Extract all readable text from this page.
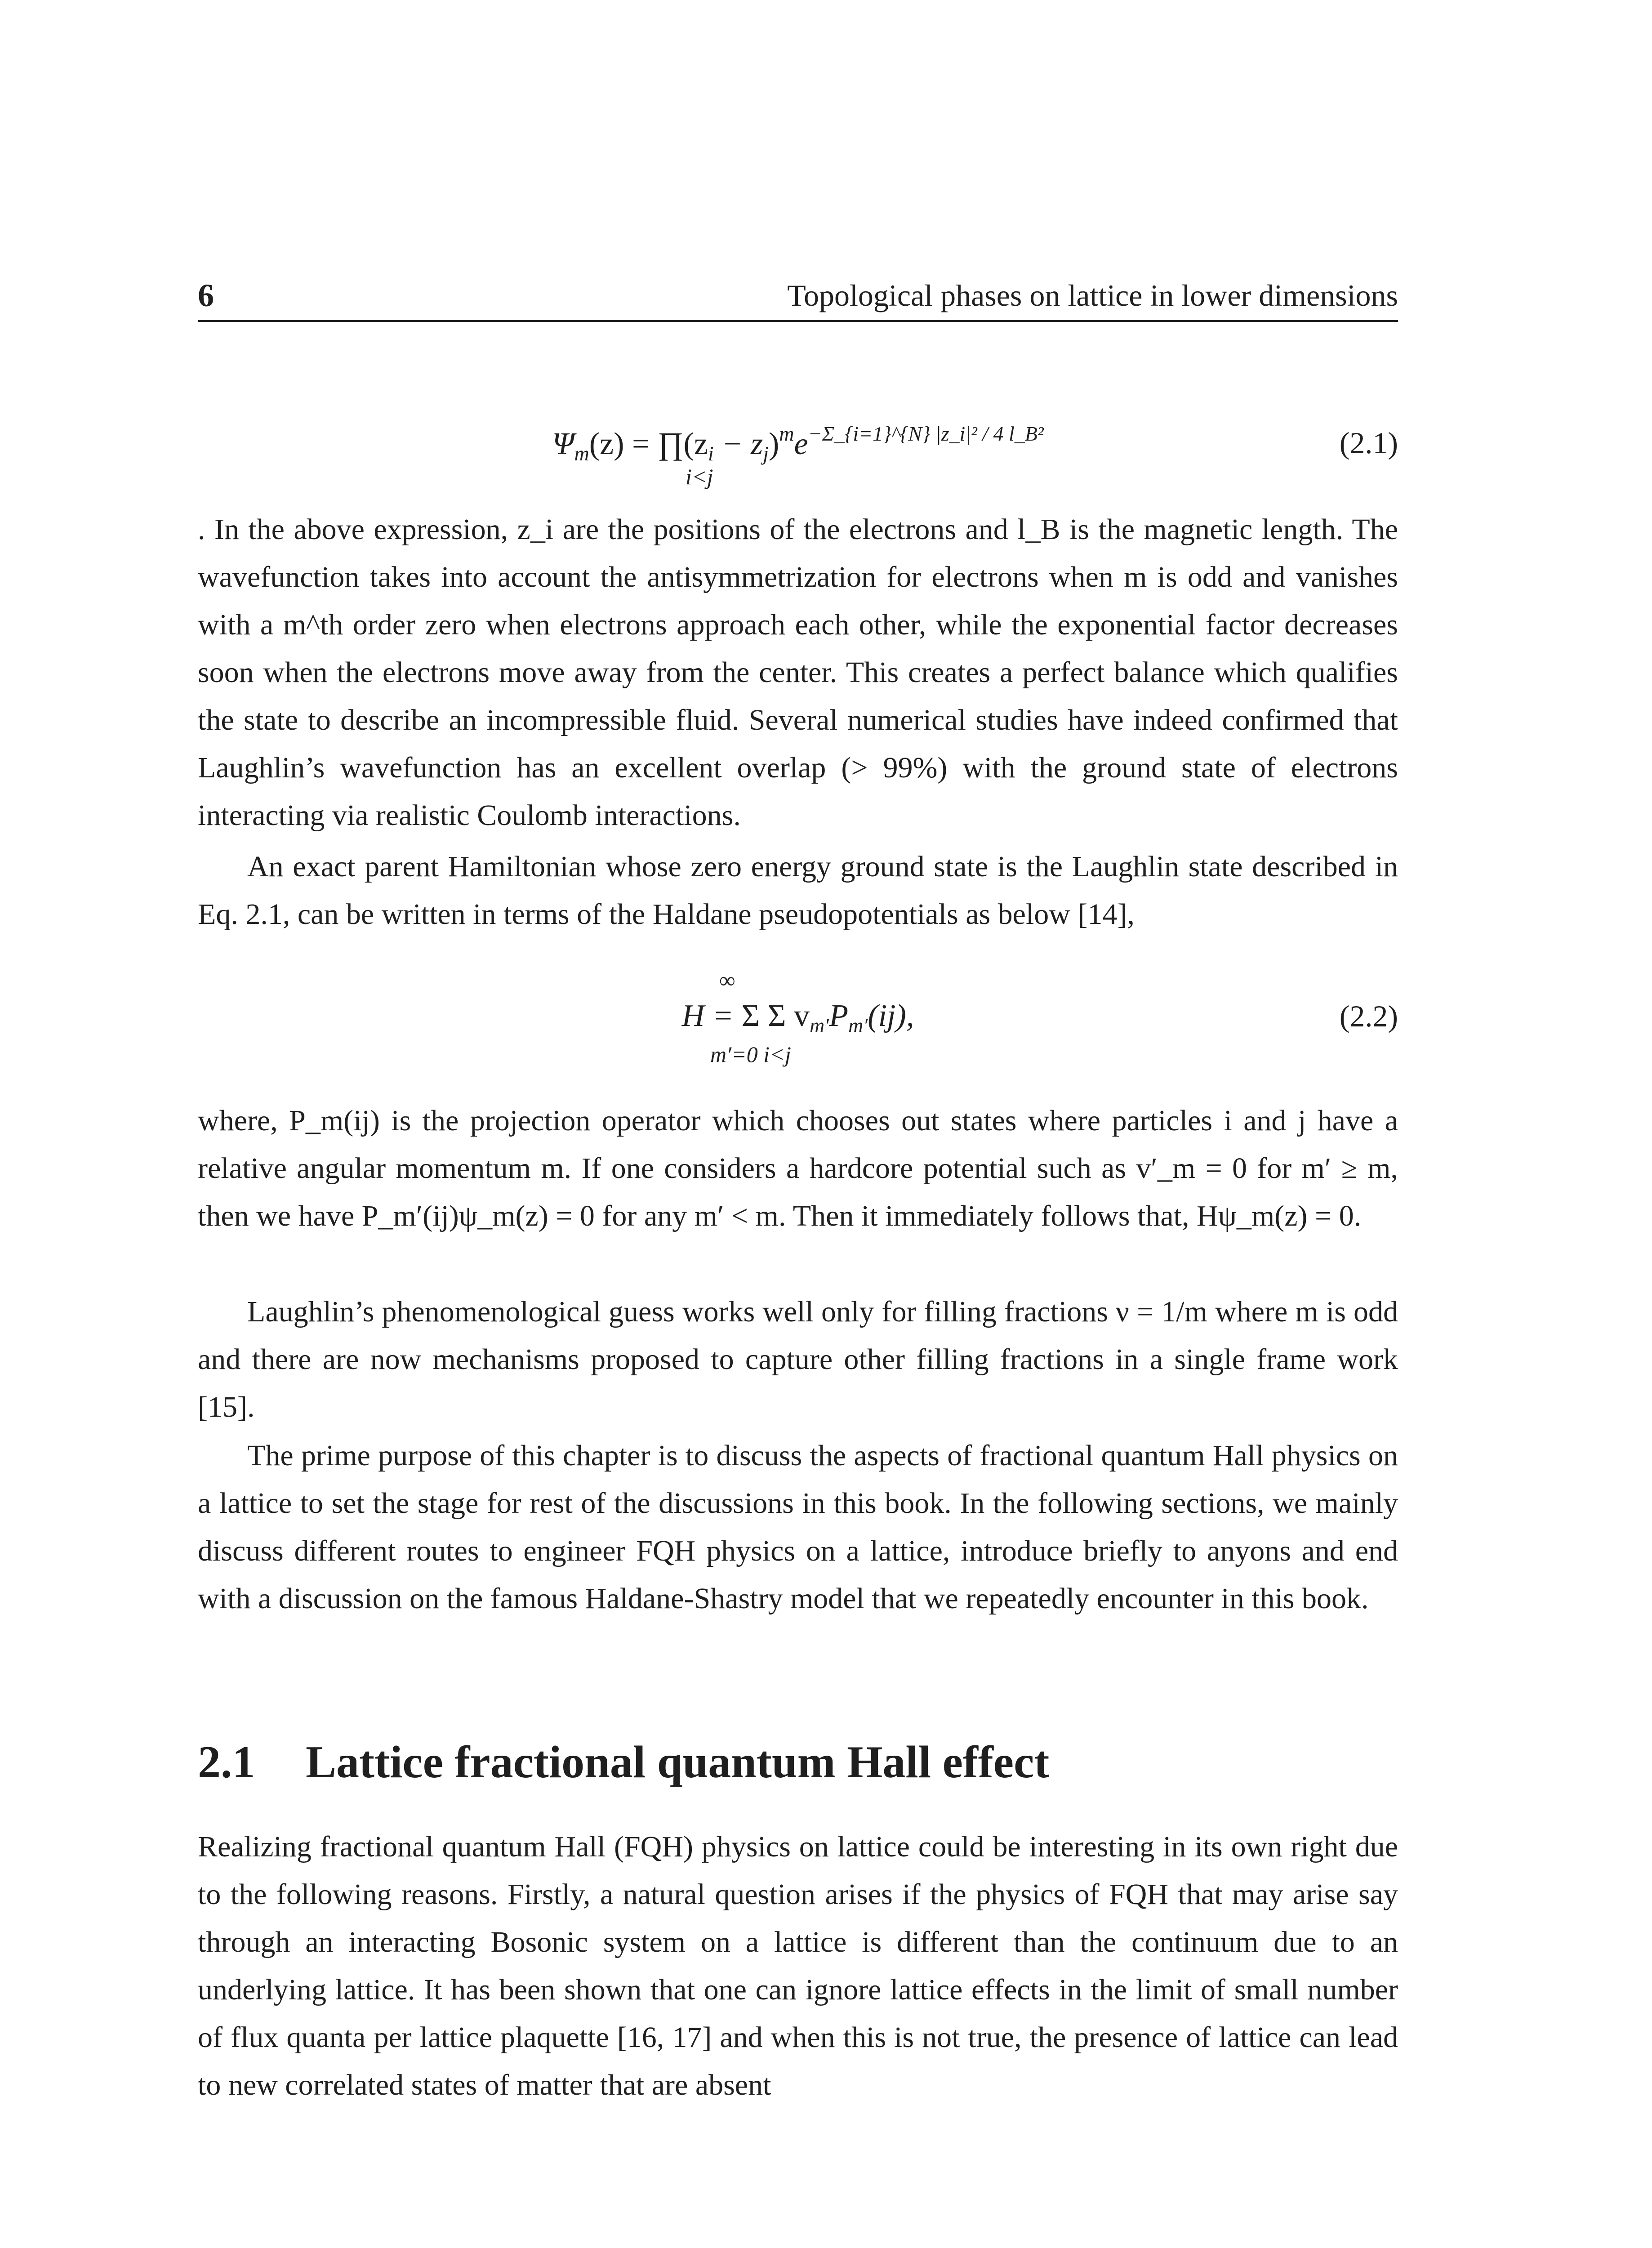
6	Topological phases on lattice in lower dimensions
$\Psi_m(z)$ = $\prod(z_i - z_j)^me^{-\Sigma\_\{i=1\}\^{}\{N\} |z\_i|^2 / 4 l\_B^2}$
i<j
(2.1)

. In the above expression, z_i are the positions of the electrons and l_B is the magnetic length. The wavefunction takes into account the antisymmetrization for electrons when m is odd and vanishes with a m^th order zero when electrons approach each other, while the exponential factor decreases soon when the electrons move away from the center. This creates a perfect balance which qualifies the state to describe an incompressible fluid. Several numerical studies have indeed confirmed that Laughlin’s wavefunction has an excellent overlap (> 99%) with the ground state of electrons interacting via realistic Coulomb interactions.

An exact parent Hamiltonian whose zero energy ground state is the Laughlin state described in Eq. 2.1, can be written in terms of the Haldane pseudopotentials as below [14],

∞
H = Σ Σ $v_{m'}P_{m'}(ij)$,
m′=0 i<j
(2.2)

where, P_m(ij) is the projection operator which chooses out states where particles i and j have a relative angular momentum m. If one considers a hardcore potential such as v′_m = 0 for m′ ≥ m, then we have P_m′(ij)ψ_m(z) = 0 for any m′ < m. Then it immediately follows that, Hψ_m(z) = 0.

Laughlin’s phenomenological guess works well only for filling fractions ν = 1/m where m is odd and there are now mechanisms proposed to capture other filling fractions in a single frame work [15].

The prime purpose of this chapter is to discuss the aspects of fractional quantum Hall physics on a lattice to set the stage for rest of the discussions in this book. In the following sections, we mainly discuss different routes to engineer FQH physics on a lattice, introduce briefly to anyons and end with a discussion on the famous Haldane-Shastry model that we repeatedly encounter in this book.

2.1 Lattice fractional quantum Hall effect

Realizing fractional quantum Hall (FQH) physics on lattice could be interesting in its own right due to the following reasons. Firstly, a natural question arises if the physics of FQH that may arise say through an interacting Bosonic system on a lattice is different than the continuum due to an underlying lattice. It has been shown that one can ignore lattice effects in the limit of small number of flux quanta per lattice plaquette [16, 17] and when this is not true, the presence of lattice can lead to new correlated states of matter that are absent
